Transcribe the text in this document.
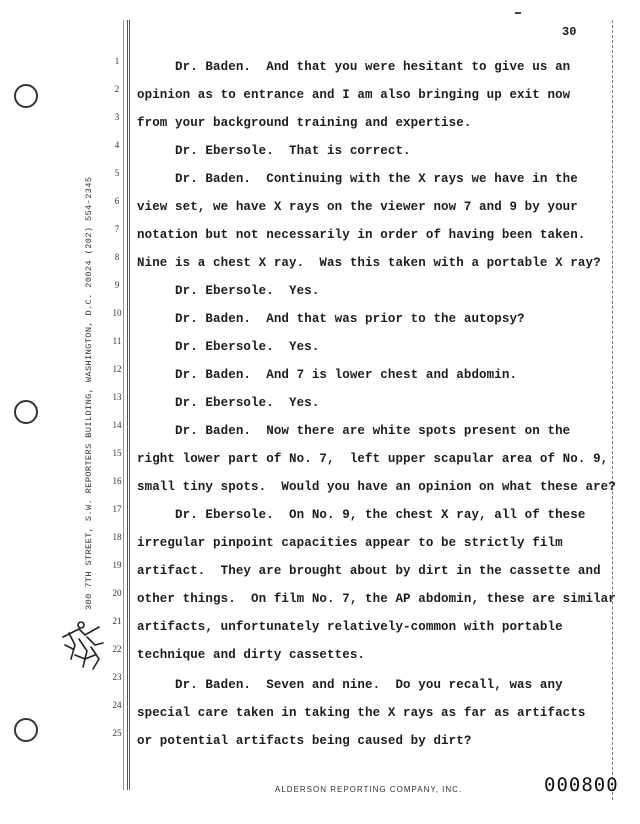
300 7TH STREET, S.W. REPORTERS BUILDING, WASHINGTON, D.C. 20024 (202) 554-2345
30
1
2
3
4
5
6
7
8
9
10
11
12
13
14
15
16
17
18
19
20
21
22
23
24
25
Dr. Baden.  And that you were hesitant to give us an
opinion as to entrance and I am also bringing up exit now
from your background training and expertise.
Dr. Ebersole.  That is correct.
Dr. Baden.  Continuing with the X rays we have in the
view set, we have X rays on the viewer now 7 and 9 by your
notation but not necessarily in order of having been taken.
Nine is a chest X ray.  Was this taken with a portable X ray?
Dr. Ebersole.  Yes.
Dr. Baden.  And that was prior to the autopsy?
Dr. Ebersole.  Yes.
Dr. Baden.  And 7 is lower chest and abdomin.
Dr. Ebersole.  Yes.
Dr. Baden.  Now there are white spots present on the
right lower part of No. 7,  left upper scapular area of No. 9,
small tiny spots.  Would you have an opinion on what these are?
Dr. Ebersole.  On No. 9, the chest X ray, all of these
irregular pinpoint capacities appear to be strictly film
artifact.  They are brought about by dirt in the cassette and
other things.  On film No. 7, the AP abdomin, these are similar
artifacts, unfortunately relatively-common with portable
technique and dirty cassettes.
Dr. Baden.  Seven and nine.  Do you recall, was any
special care taken in taking the X rays as far as artifacts
or potential artifacts being caused by dirt?
ALDERSON REPORTING COMPANY, INC.	000800
